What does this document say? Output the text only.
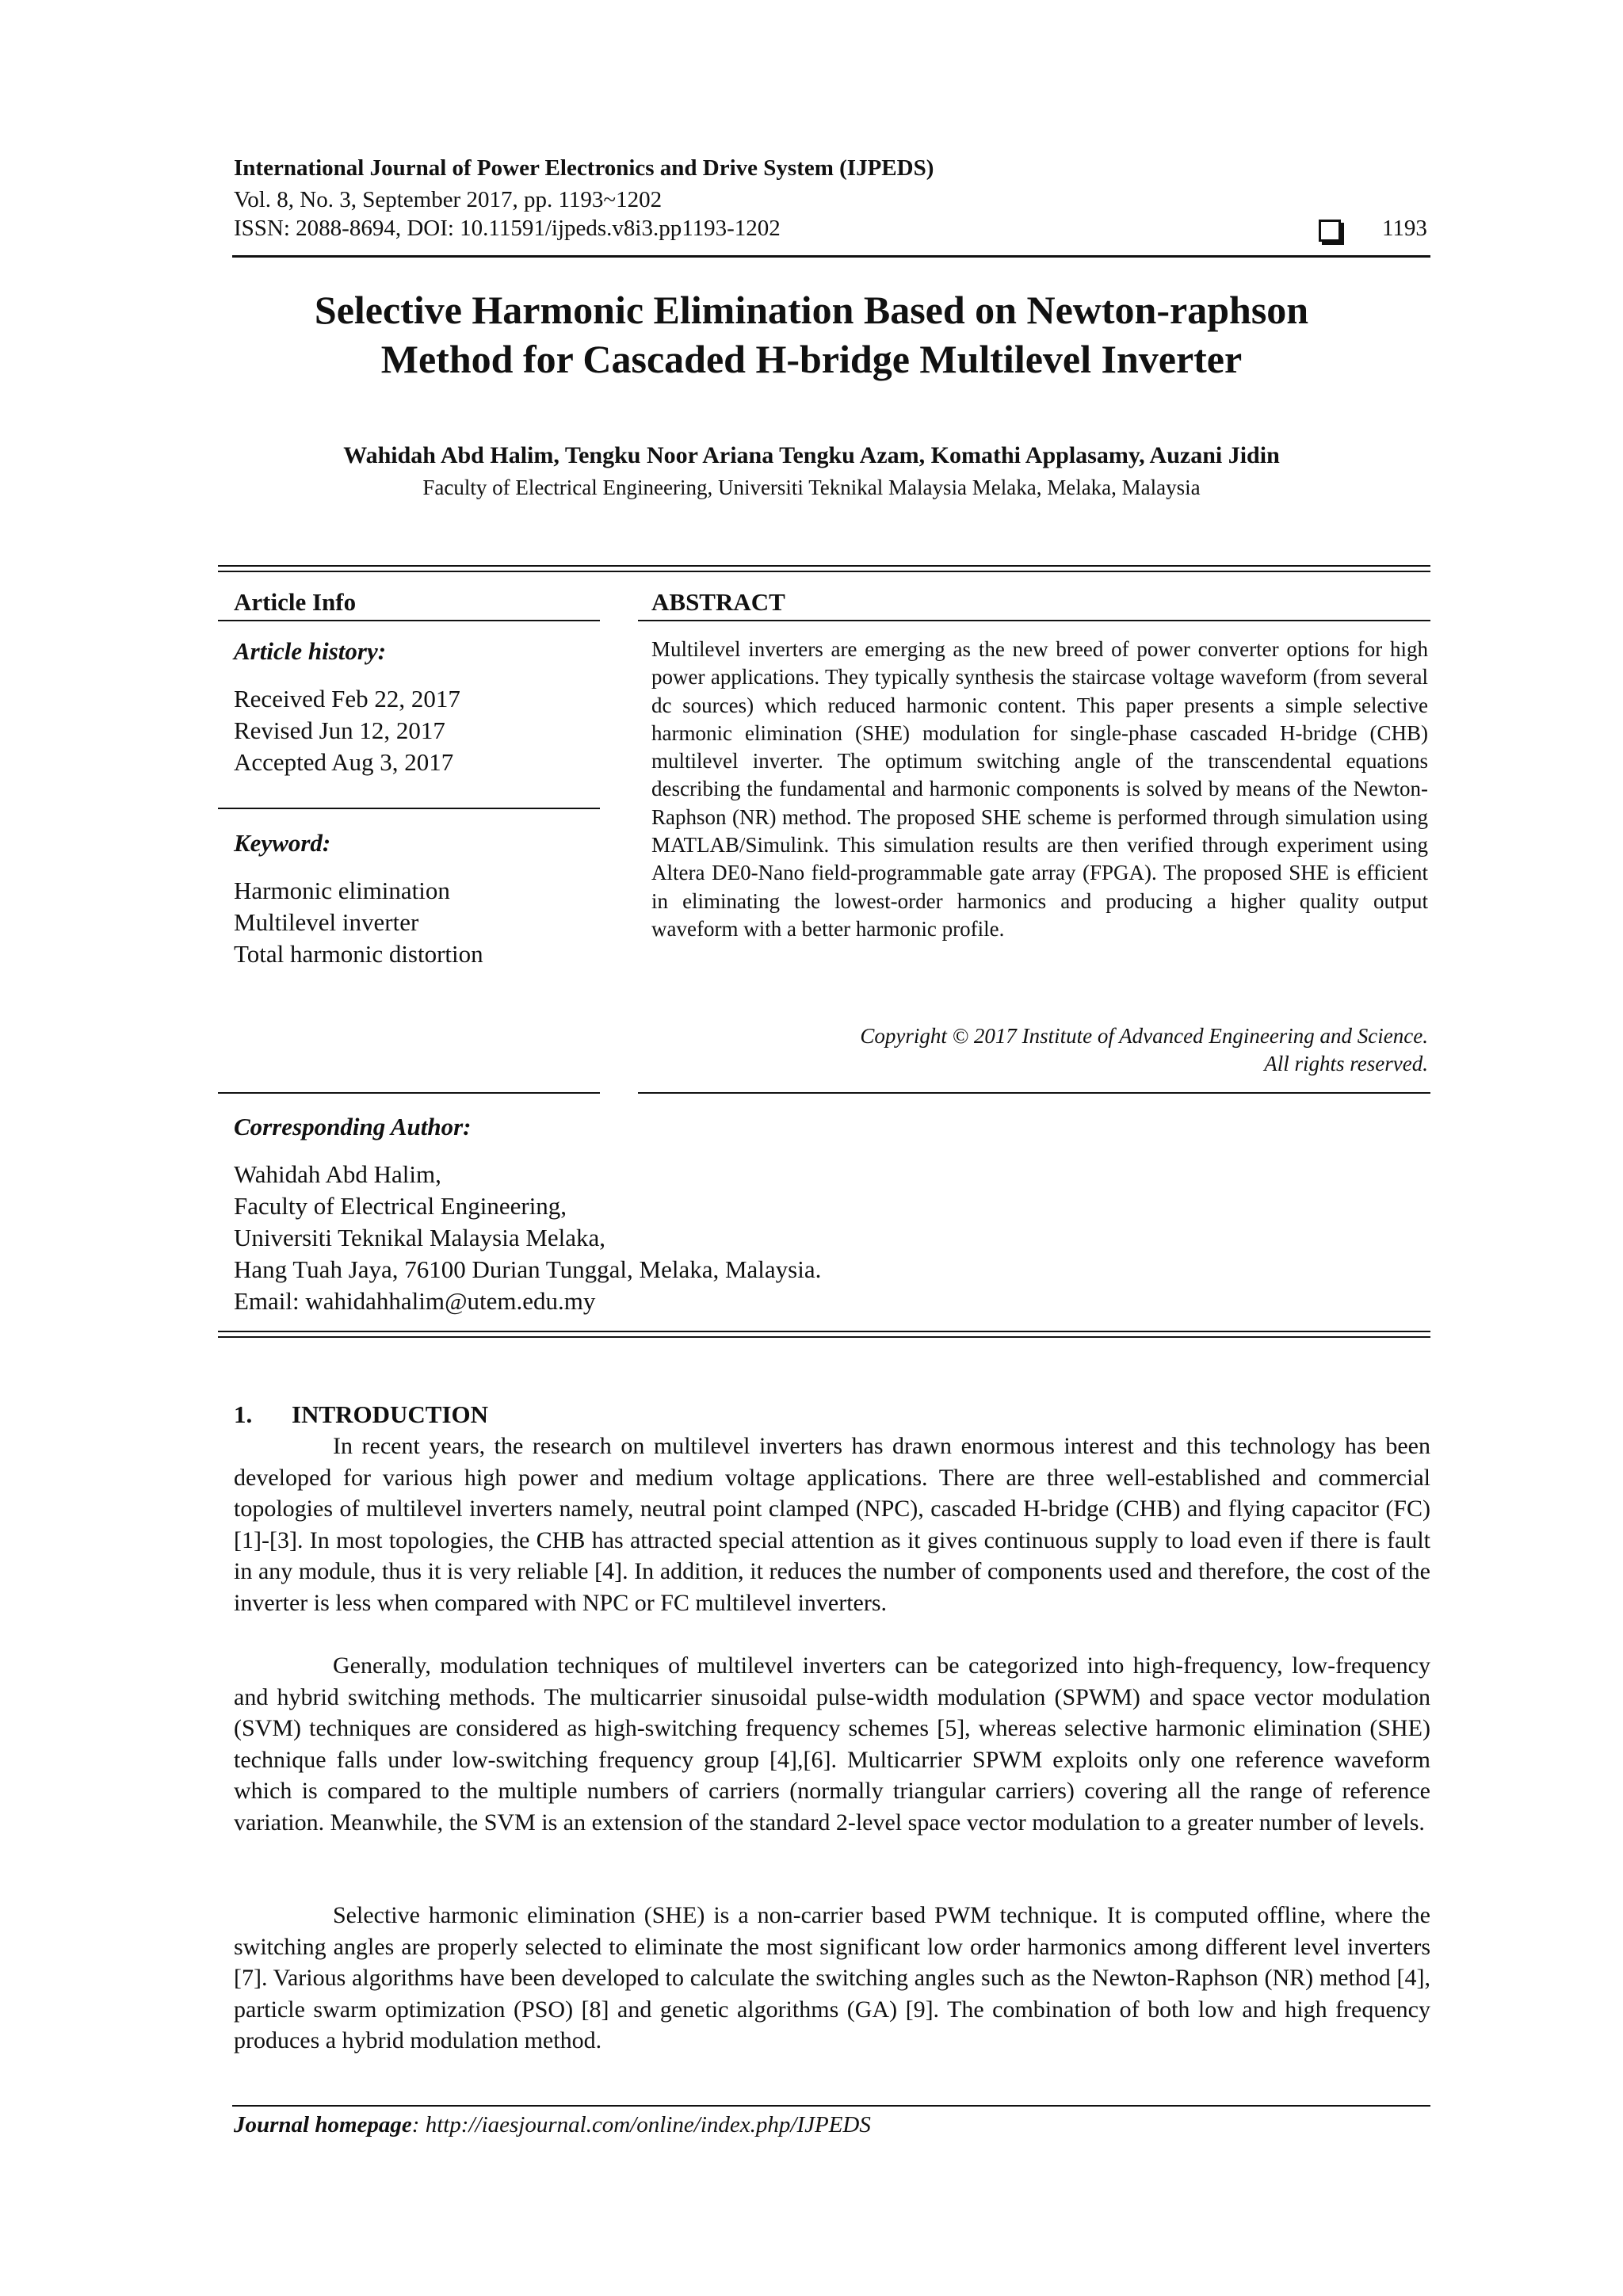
International Journal of Power Electronics and Drive System (IJPEDS)
Vol. 8, No. 3, September 2017, pp. 1193~1202
ISSN: 2088-8694, DOI: 10.11591/ijpeds.v8i3.pp1193-1202	1193
Selective Harmonic Elimination Based on Newton-raphson
Method for Cascaded H-bridge Multilevel Inverter
Wahidah Abd Halim, Tengku Noor Ariana Tengku Azam, Komathi Applasamy, Auzani Jidin
Faculty of Electrical Engineering, Universiti Teknikal Malaysia Melaka, Melaka, Malaysia
Article Info
Article history:
Received Feb 22, 2017
Revised Jun 12, 2017
Accepted Aug 3, 2017
Keyword:
Harmonic elimination
Multilevel inverter
Total harmonic distortion
ABSTRACT
Multilevel inverters are emerging as the new breed of power converter options for high power applications. They typically synthesis the staircase voltage waveform (from several dc sources) which reduced harmonic content. This paper presents a simple selective harmonic elimination (SHE) modulation for single-phase cascaded H-bridge (CHB) multilevel inverter. The optimum switching angle of the transcendental equations describing the fundamental and harmonic components is solved by means of the Newton-Raphson (NR) method. The proposed SHE scheme is performed through simulation using MATLAB/Simulink. This simulation results are then verified through experiment using Altera DE0-Nano field-programmable gate array (FPGA). The proposed SHE is efficient in eliminating the lowest-order harmonics and producing a higher quality output waveform with a better harmonic profile.
Copyright © 2017 Institute of Advanced Engineering and Science.
All rights reserved.
Corresponding Author:
Wahidah Abd Halim,
Faculty of Electrical Engineering,
Universiti Teknikal Malaysia Melaka,
Hang Tuah Jaya, 76100 Durian Tunggal, Melaka, Malaysia.
Email: wahidahhalim@utem.edu.my
1. INTRODUCTION
In recent years, the research on multilevel inverters has drawn enormous interest and this technology has been developed for various high power and medium voltage applications. There are three well-established and commercial topologies of multilevel inverters namely, neutral point clamped (NPC), cascaded H-bridge (CHB) and flying capacitor (FC) [1]-[3]. In most topologies, the CHB has attracted special attention as it gives continuous supply to load even if there is fault in any module, thus it is very reliable [4]. In addition, it reduces the number of components used and therefore, the cost of the inverter is less when compared with NPC or FC multilevel inverters.
Generally, modulation techniques of multilevel inverters can be categorized into high-frequency, low-frequency and hybrid switching methods. The multicarrier sinusoidal pulse-width modulation (SPWM) and space vector modulation (SVM) techniques are considered as high-switching frequency schemes [5], whereas selective harmonic elimination (SHE) technique falls under low-switching frequency group [4],[6]. Multicarrier SPWM exploits only one reference waveform which is compared to the multiple numbers of carriers (normally triangular carriers) covering all the range of reference variation. Meanwhile, the SVM is an extension of the standard 2-level space vector modulation to a greater number of levels.
Selective harmonic elimination (SHE) is a non-carrier based PWM technique. It is computed offline, where the switching angles are properly selected to eliminate the most significant low order harmonics among different level inverters [7]. Various algorithms have been developed to calculate the switching angles such as the Newton-Raphson (NR) method [4], particle swarm optimization (PSO) [8] and genetic algorithms (GA) [9]. The combination of both low and high frequency produces a hybrid modulation method.
Journal homepage: http://iaesjournal.com/online/index.php/IJPEDS
